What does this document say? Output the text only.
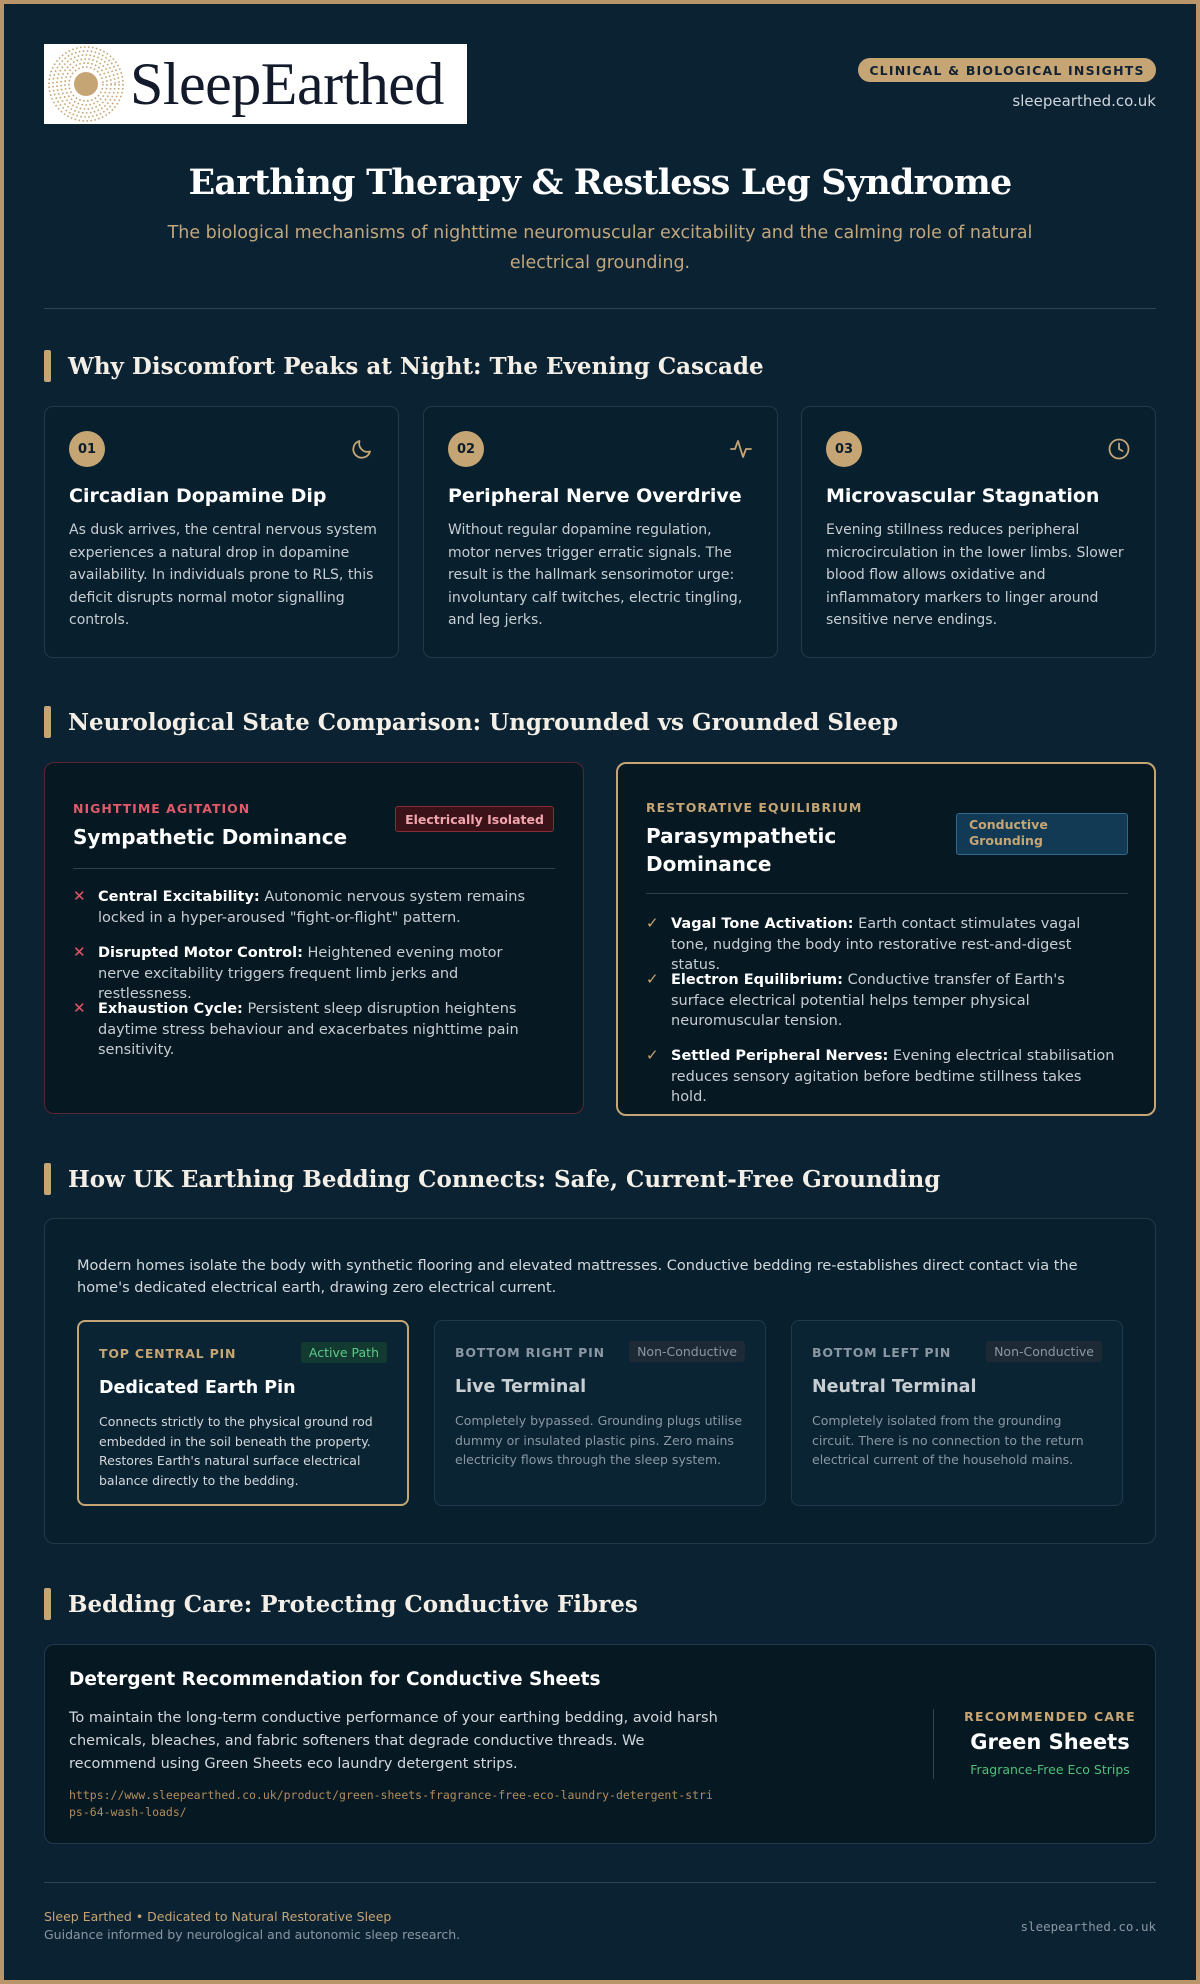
SleepEarthed	CLINICAL & BIOLOGICAL INSIGHTS
sleepearthed.co.uk
Earthing Therapy & Restless Leg Syndrome
The biological mechanisms of nighttime neuromuscular excitability and the calming role of natural electrical grounding.
Why Discomfort Peaks at Night: The Evening Cascade
01
Circadian Dopamine Dip

As dusk arrives, the central nervous system experiences a natural drop in dopamine availability. In individuals prone to RLS, this deficit disrupts normal motor signalling controls.

02
Peripheral Nerve Overdrive

Without regular dopamine regulation, motor nerves trigger erratic signals. The result is the hallmark sensorimotor urge: involuntary calf twitches, electric tingling, and leg jerks.

03
Microvascular Stagnation

Evening stillness reduces peripheral microcirculation in the lower limbs. Slower blood flow allows oxidative and inflammatory markers to linger around sensitive nerve endings.

Neurological State Comparison: Ungrounded vs Grounded Sleep
NIGHTTIME AGITATION
Sympathetic Dominance
Electrically Isolated
✕ Central Excitability: Autonomic nervous system remains locked in a hyper-aroused "fight-or-flight" pattern.
✕ Disrupted Motor Control: Heightened evening motor nerve excitability triggers frequent limb jerks and restlessness.
✕ Exhaustion Cycle: Persistent sleep disruption heightens daytime stress behaviour and exacerbates nighttime pain sensitivity.
RESTORATIVE EQUILIBRIUM
Parasympathetic Dominance
Conductive Grounding
✓ Vagal Tone Activation: Earth contact stimulates vagal tone, nudging the body into restorative rest-and-digest status.
✓ Electron Equilibrium: Conductive transfer of Earth's surface electrical potential helps temper physical neuromuscular tension.
✓ Settled Peripheral Nerves: Evening electrical stabilisation reduces sensory agitation before bedtime stillness takes hold.
How UK Earthing Bedding Connects: Safe, Current-Free Grounding

Modern homes isolate the body with synthetic flooring and elevated mattresses. Conductive bedding re-establishes direct contact via the home's dedicated electrical earth, drawing zero electrical current.

TOP CENTRAL PIN	Active Path
Dedicated Earth Pin

Connects strictly to the physical ground rod embedded in the soil beneath the property. Restores Earth's natural surface electrical balance directly to the bedding.

BOTTOM RIGHT PIN	Non-Conductive
Live Terminal

Completely bypassed. Grounding plugs utilise dummy or insulated plastic pins. Zero mains electricity flows through the sleep system.

BOTTOM LEFT PIN	Non-Conductive
Neutral Terminal

Completely isolated from the grounding circuit. There is no connection to the return electrical current of the household mains.

Bedding Care: Protecting Conductive Fibres
Detergent Recommendation for Conductive Sheets

To maintain the long-term conductive performance of your earthing bedding, avoid harsh chemicals, bleaches, and fabric softeners that degrade conductive threads. We recommend using Green Sheets eco laundry detergent strips.

https://www.sleepearthed.co.uk/product/green-sheets-fragrance-free-eco-laundry-detergent-stri
ps-64-wash-loads/
RECOMMENDED CARE
Green Sheets
Fragrance-Free Eco Strips
Sleep Earthed • Dedicated to Natural Restorative Sleep
Guidance informed by neurological and autonomic sleep research.
sleepearthed.co.uk
